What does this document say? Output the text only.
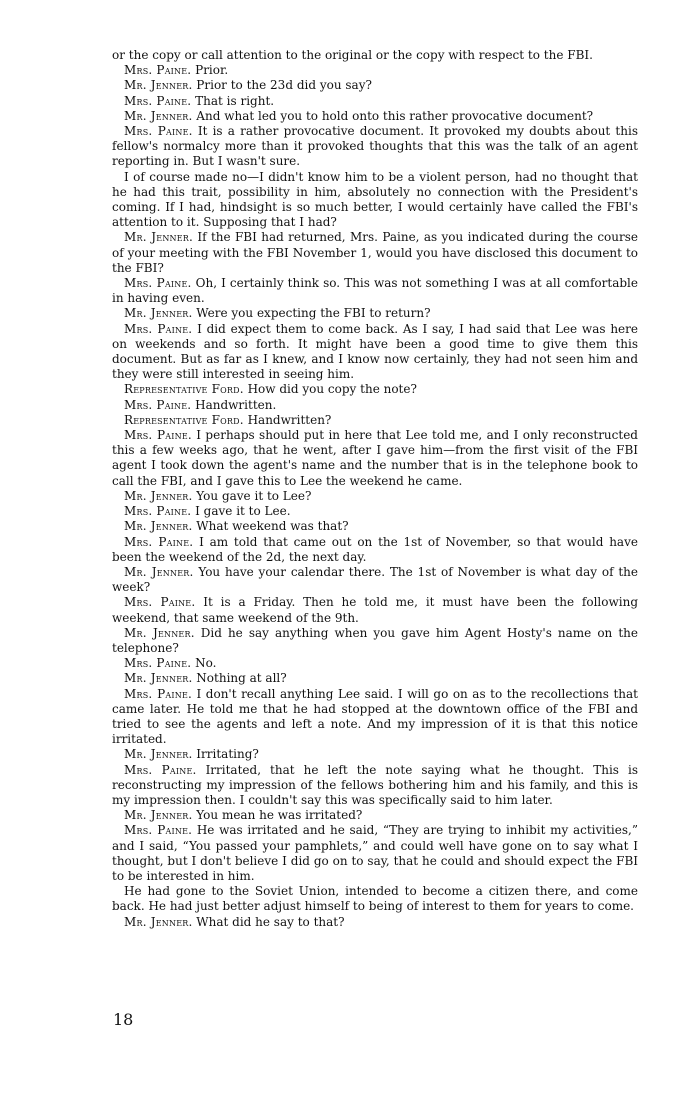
or the copy or call attention to the original or the copy with respect to the FBI.

Mrs. Paine. Prior.

Mr. Jenner. Prior to the 23d did you say?

Mrs. Paine. That is right.

Mr. Jenner. And what led you to hold onto this rather provocative document?

Mrs. Paine. It is a rather provocative document. It provoked my doubts about this fellow's normalcy more than it provoked thoughts that this was the talk of an agent reporting in. But I wasn't sure.

I of course made no—I didn't know him to be a violent person, had no thought that he had this trait, possibility in him, absolutely no connection with the President's coming. If I had, hindsight is so much better, I would certainly have called the FBI's attention to it. Supposing that I had?

Mr. Jenner. If the FBI had returned, Mrs. Paine, as you indicated during the course of your meeting with the FBI November 1, would you have disclosed this document to the FBI?

Mrs. Paine. Oh, I certainly think so. This was not something I was at all comfortable in having even.

Mr. Jenner. Were you expecting the FBI to return?

Mrs. Paine. I did expect them to come back. As I say, I had said that Lee was here on weekends and so forth. It might have been a good time to give them this document. But as far as I knew, and I know now certainly, they had not seen him and they were still interested in seeing him.

Representative Ford. How did you copy the note?

Mrs. Paine. Handwritten.

Representative Ford. Handwritten?

Mrs. Paine. I perhaps should put in here that Lee told me, and I only reconstructed this a few weeks ago, that he went, after I gave him—from the first visit of the FBI agent I took down the agent's name and the number that is in the telephone book to call the FBI, and I gave this to Lee the weekend he came.

Mr. Jenner. You gave it to Lee?

Mrs. Paine. I gave it to Lee.

Mr. Jenner. What weekend was that?

Mrs. Paine. I am told that came out on the 1st of November, so that would have been the weekend of the 2d, the next day.

Mr. Jenner. You have your calendar there. The 1st of November is what day of the week?

Mrs. Paine. It is a Friday. Then he told me, it must have been the following weekend, that same weekend of the 9th.

Mr. Jenner. Did he say anything when you gave him Agent Hosty's name on the telephone?

Mrs. Paine. No.

Mr. Jenner. Nothing at all?

Mrs. Paine. I don't recall anything Lee said. I will go on as to the recollections that came later. He told me that he had stopped at the downtown office of the FBI and tried to see the agents and left a note. And my impression of it is that this notice irritated.

Mr. Jenner. Irritating?

Mrs. Paine. Irritated, that he left the note saying what he thought. This is reconstructing my impression of the fellows bothering him and his family, and this is my impression then. I couldn't say this was specifically said to him later.

Mr. Jenner. You mean he was irritated?

Mrs. Paine. He was irritated and he said, “They are trying to inhibit my activities,” and I said, “You passed your pamphlets,” and could well have gone on to say what I thought, but I don't believe I did go on to say, that he could and should expect the FBI to be interested in him.

He had gone to the Soviet Union, intended to become a citizen there, and come back. He had just better adjust himself to being of interest to them for years to come.

Mr. Jenner. What did he say to that?

18
